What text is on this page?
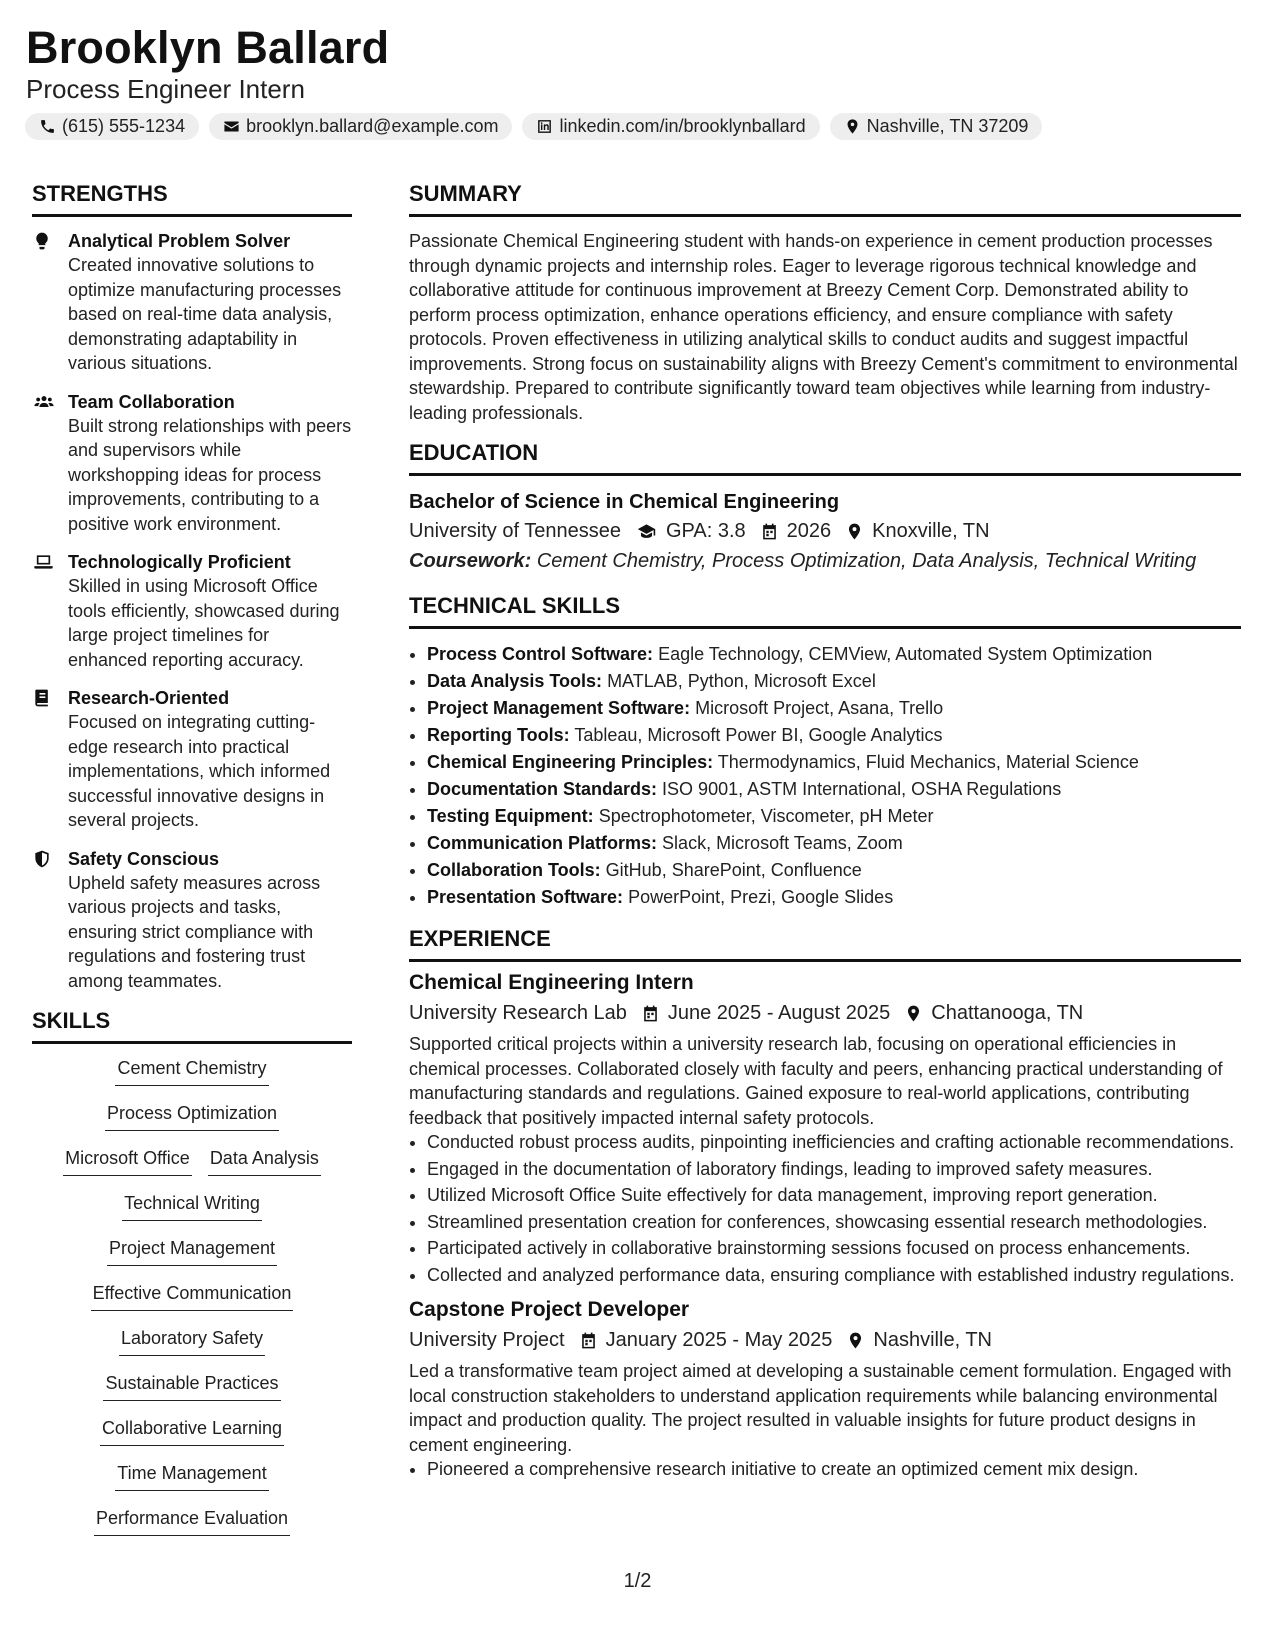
Brooklyn Ballard
Process Engineer Intern
(615) 555-1234	brooklyn.ballard@example.com	linkedin.com/in/brooklynballard	Nashville, TN 37209
STRENGTHS
Analytical Problem Solver
Created innovative solutions to optimize manufacturing processes based on real-time data analysis, demonstrating adaptability in various situations.
Team Collaboration
Built strong relationships with peers and supervisors while workshopping ideas for process improvements, contributing to a positive work environment.
Technologically Proficient
Skilled in using Microsoft Office tools efficiently, showcased during large project timelines for enhanced reporting accuracy.
Research-Oriented
Focused on integrating cutting-edge research into practical implementations, which informed successful innovative designs in several projects.
Safety Conscious
Upheld safety measures across various projects and tasks, ensuring strict compliance with regulations and fostering trust among teammates.
SKILLS
Cement Chemistry
Process Optimization
Microsoft Office Data Analysis
Technical Writing
Project Management
Effective Communication
Laboratory Safety
Sustainable Practices
Collaborative Learning
Time Management
Performance Evaluation
SUMMARY

Passionate Chemical Engineering student with hands-on experience in cement production processes through dynamic projects and internship roles. Eager to leverage rigorous technical knowledge and collaborative attitude for continuous improvement at Breezy Cement Corp. Demonstrated ability to perform process optimization, enhance operations efficiency, and ensure compliance with safety protocols. Proven effectiveness in utilizing analytical skills to conduct audits and suggest impactful improvements. Strong focus on sustainability aligns with Breezy Cement's commitment to environmental stewardship. Prepared to contribute significantly toward team objectives while learning from industry-leading professionals.

EDUCATION
Bachelor of Science in Chemical Engineering
University of Tennessee GPA: 3.8 2026 Knoxville, TN
Coursework: Cement Chemistry, Process Optimization, Data Analysis, Technical Writing
TECHNICAL SKILLS
• Process Control Software: Eagle Technology, CEMView, Automated System Optimization
• Data Analysis Tools: MATLAB, Python, Microsoft Excel
• Project Management Software: Microsoft Project, Asana, Trello
• Reporting Tools: Tableau, Microsoft Power BI, Google Analytics
• Chemical Engineering Principles: Thermodynamics, Fluid Mechanics, Material Science
• Documentation Standards: ISO 9001, ASTM International, OSHA Regulations
• Testing Equipment: Spectrophotometer, Viscometer, pH Meter
• Communication Platforms: Slack, Microsoft Teams, Zoom
• Collaboration Tools: GitHub, SharePoint, Confluence
• Presentation Software: PowerPoint, Prezi, Google Slides
EXPERIENCE
Chemical Engineering Intern
University Research Lab June 2025 - August 2025 Chattanooga, TN
Supported critical projects within a university research lab, focusing on operational efficiencies in chemical processes. Collaborated closely with faculty and peers, enhancing practical understanding of manufacturing standards and regulations. Gained exposure to real-world applications, contributing feedback that positively impacted internal safety protocols.
• Conducted robust process audits, pinpointing inefficiencies and crafting actionable recommendations.
• Engaged in the documentation of laboratory findings, leading to improved safety measures.
• Utilized Microsoft Office Suite effectively for data management, improving report generation.
• Streamlined presentation creation for conferences, showcasing essential research methodologies.
• Participated actively in collaborative brainstorming sessions focused on process enhancements.
• Collected and analyzed performance data, ensuring compliance with established industry regulations.
Capstone Project Developer
University Project January 2025 - May 2025 Nashville, TN
Led a transformative team project aimed at developing a sustainable cement formulation. Engaged with local construction stakeholders to understand application requirements while balancing environmental impact and production quality. The project resulted in valuable insights for future product designs in cement engineering.
• Pioneered a comprehensive research initiative to create an optimized cement mix design.
1/2
